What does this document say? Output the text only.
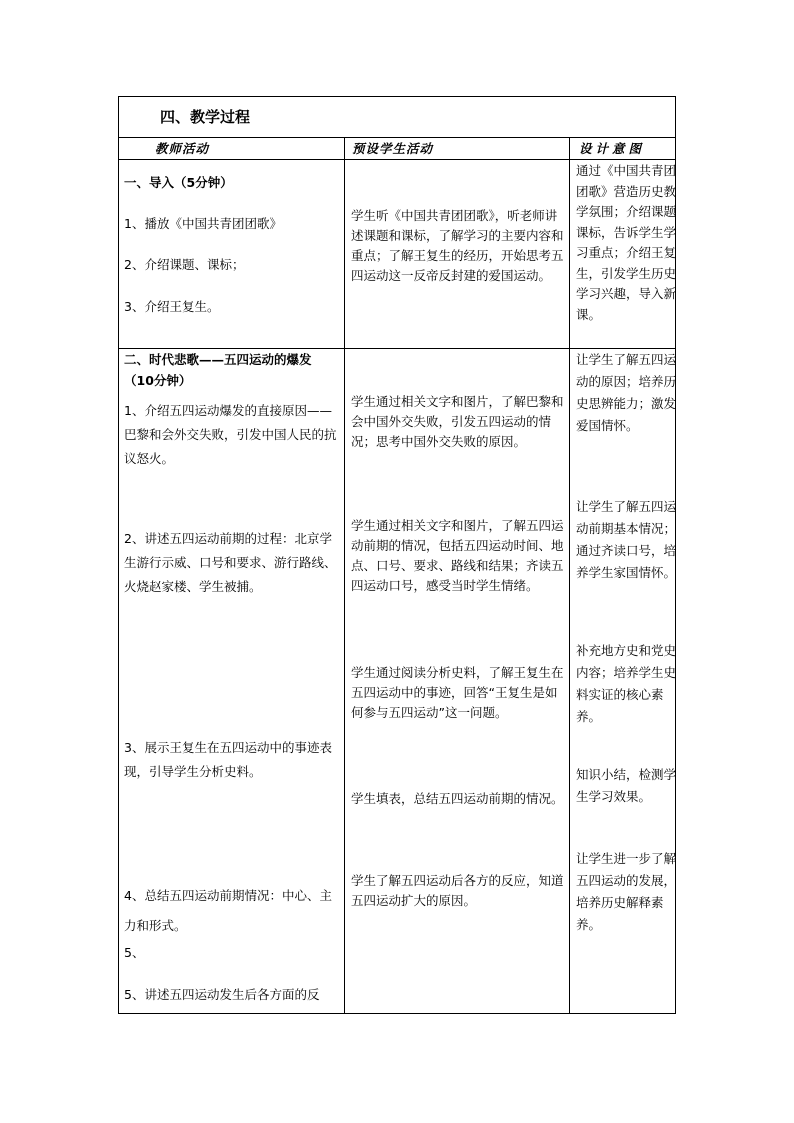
四、教学过程
教师活动	预设学生活动	设计意图
一、导入（5分钟）
1、播放《中国共青团团歌》
2、介绍课题、课标；
3、介绍王复生。
学生听《中国共青团团歌》，听老师讲述课题和课标，了解学习的主要内容和重点；了解王复生的经历，开始思考五四运动这一反帝反封建的爱国运动。
通过《中国共青团团歌》营造历史教学氛围；介绍课题课标，告诉学生学习重点；介绍王复生，引发学生历史学习兴趣，导入新课。
二、时代悲歌——五四运动的爆发（10分钟）
1、介绍五四运动爆发的直接原因——巴黎和会外交失败，引发中国人民的抗议怒火。
2、讲述五四运动前期的过程：北京学生游行示威、口号和要求、游行路线、火烧赵家楼、学生被捕。
3、展示王复生在五四运动中的事迹表现，引导学生分析史料。
4、总结五四运动前期情况：中心、主力和形式。
5、
5、讲述五四运动发生后各方面的反
学生通过相关文字和图片，了解巴黎和会中国外交失败，引发五四运动的情况；思考中国外交失败的原因。
学生通过相关文字和图片，了解五四运动前期的情况，包括五四运动时间、地点、口号、要求、路线和结果；齐读五四运动口号，感受当时学生情绪。
学生通过阅读分析史料，了解王复生在五四运动中的事迹，回答“王复生是如何参与五四运动”这一问题。
学生填表，总结五四运动前期的情况。
学生了解五四运动后各方的反应，知道五四运动扩大的原因。
让学生了解五四运动的原因；培养历史思辨能力；激发爱国情怀。
让学生了解五四运动前期基本情况；通过齐读口号，培养学生家国情怀。
补充地方史和党史内容；培养学生史料实证的核心素养。
知识小结，检测学生学习效果。
让学生进一步了解五四运动的发展，培养历史解释素养。
